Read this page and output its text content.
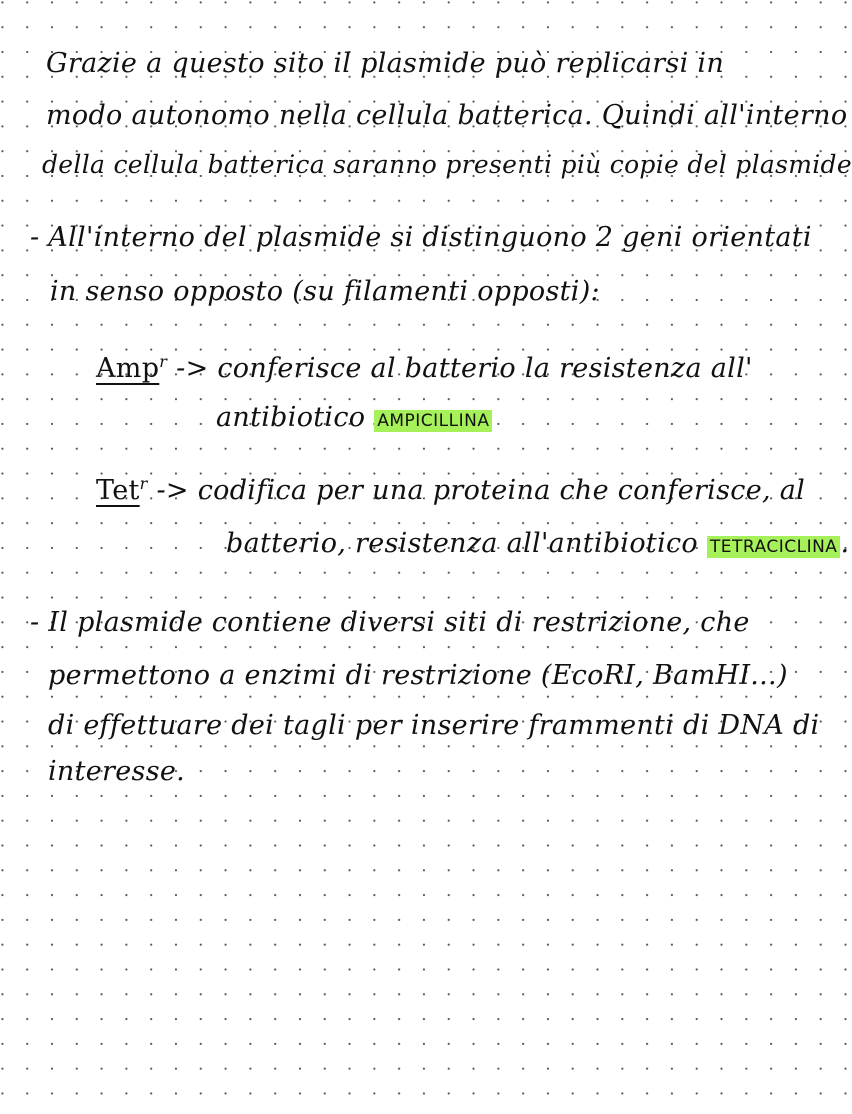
Grazie a questo sito il plasmide può replicarsi in
modo autonomo nella cellula batterica. Quindi all'interno
della cellula batterica saranno presenti più copie del plasmide
- All'interno del plasmide si distinguono 2 geni orientati
in senso opposto (su filamenti opposti):
Amp$^r$ -> conferisce al batterio la resistenza all'
antibiotico AMPICILLINA
Tet$^r$ -> codifica per una proteina che conferisce, al
batterio, resistenza all'antibiotico TETRACICLINA .
- Il plasmide contiene diversi siti di restrizione, che
permettono a enzimi di restrizione (EcoRI, BamHI...)
di effettuare dei tagli per inserire frammenti di DNA di
interesse.
